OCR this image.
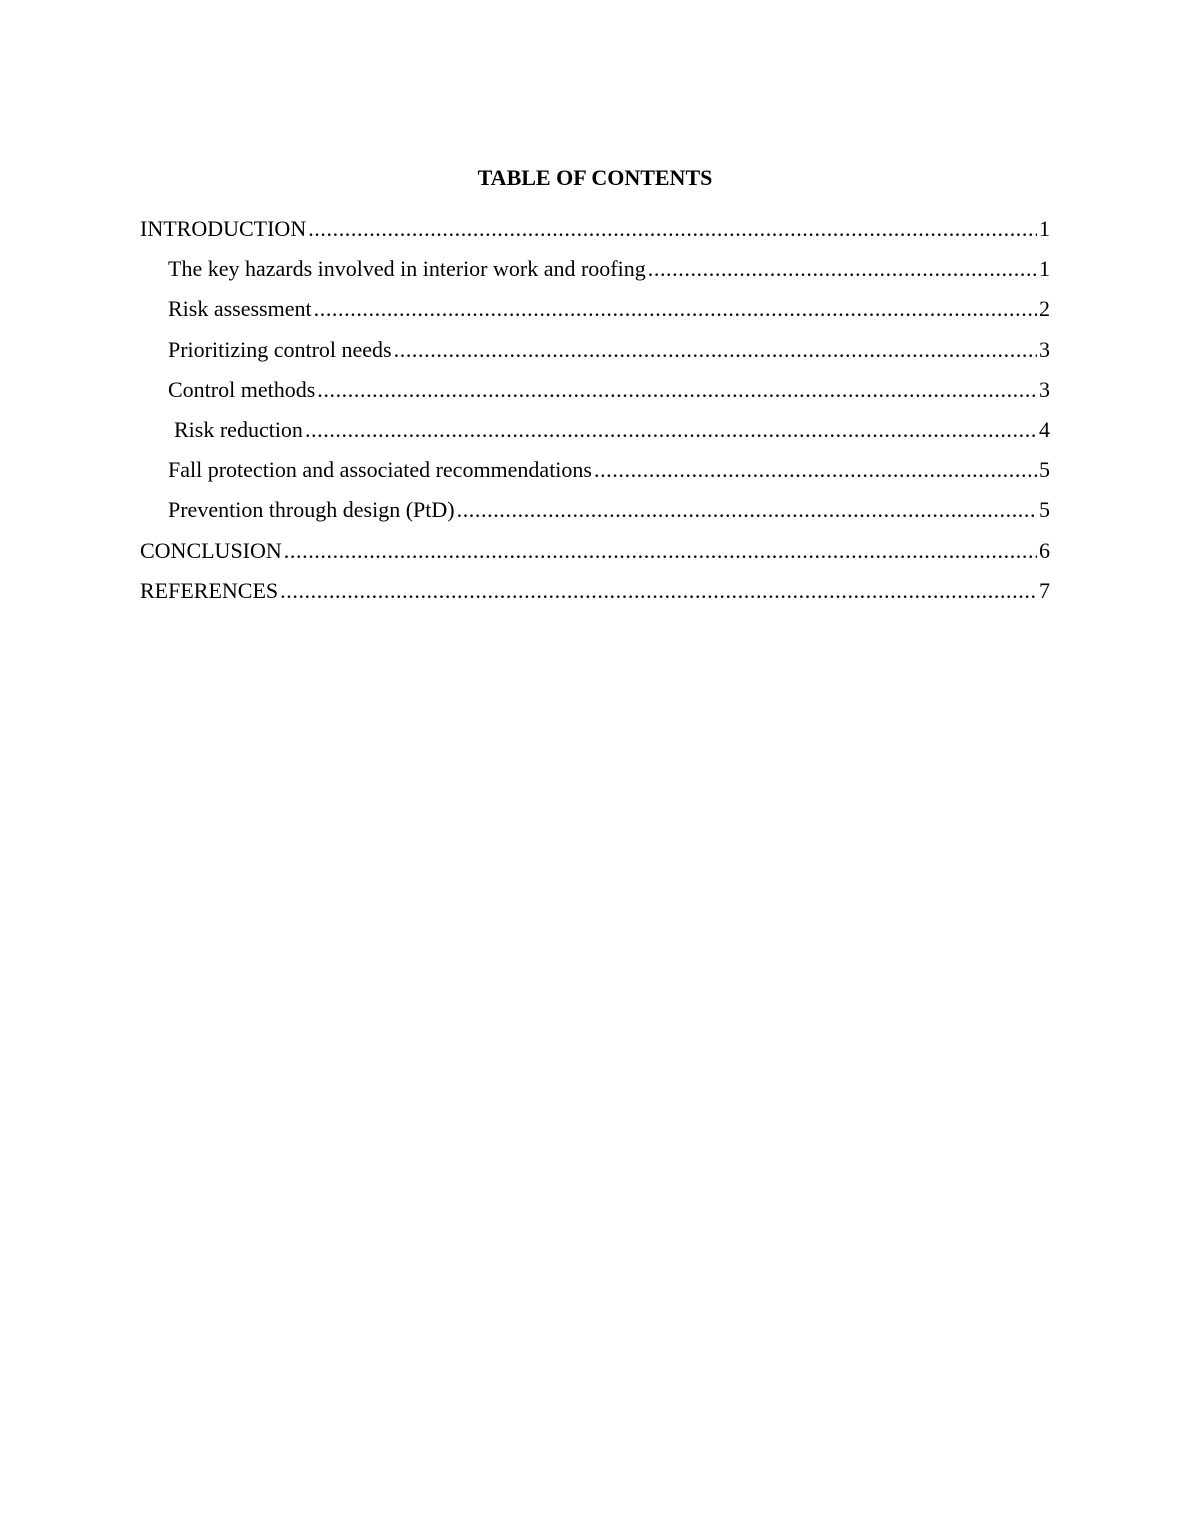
TABLE OF CONTENTS
INTRODUCTION .....	1
The key hazards involved in interior work and roofing .....	1
Risk assessment .....	2
Prioritizing control needs .....	3
Control methods .....	3
Risk reduction .....	4
Fall protection and associated recommendations .....	5
Prevention through design (PtD) .....	5
CONCLUSION .....	6
REFERENCES .....	7
